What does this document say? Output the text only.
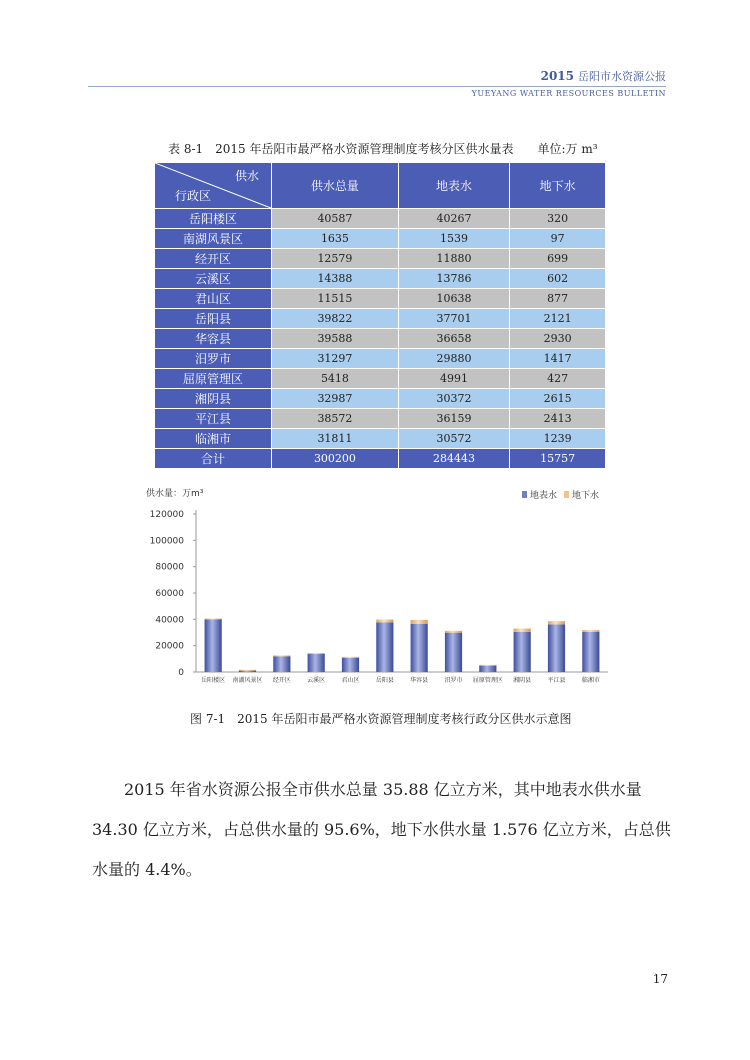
2015 岳阳市水资源公报
YUEYANG WATER RESOURCES BULLETIN
表 8-1　2015 年岳阳市最严格水资源管理制度考核分区供水量表　　单位:万 m³
供水
行政区	供水总量	地表水	地下水
岳阳楼区	40587	40267	320
南湖风景区	1635	1539	97
经开区	12579	11880	699
云溪区	14388	13786	602
君山区	11515	10638	877
岳阳县	39822	37701	2121
华容县	39588	36658	2930
汨罗市	31297	29880	1417
屈原管理区	5418	4991	427
湘阴县	32987	30372	2615
平江县	38572	36159	2413
临湘市	31811	30572	1239
合计	300200	284443	15757
供水量：万m³	地表水 地下水
0
20000
40000
60000
80000
100000
120000
岳阳楼区 南湖风景区 经开区	云溪区	君山区	岳阳县	华容县	汨罗市 屈原管理区 湘阴县	平江县	临湘市
图 7-1　2015 年岳阳市最严格水资源管理制度考核行政分区供水示意图
2015 年省水资源公报全市供水总量 35.88 亿立方米，其中地表水供水量 34.30 亿立方米，占总供水量的 95.6%，地下水供水量 1.576 亿立方米，占总供水量的 4.4%。
17
